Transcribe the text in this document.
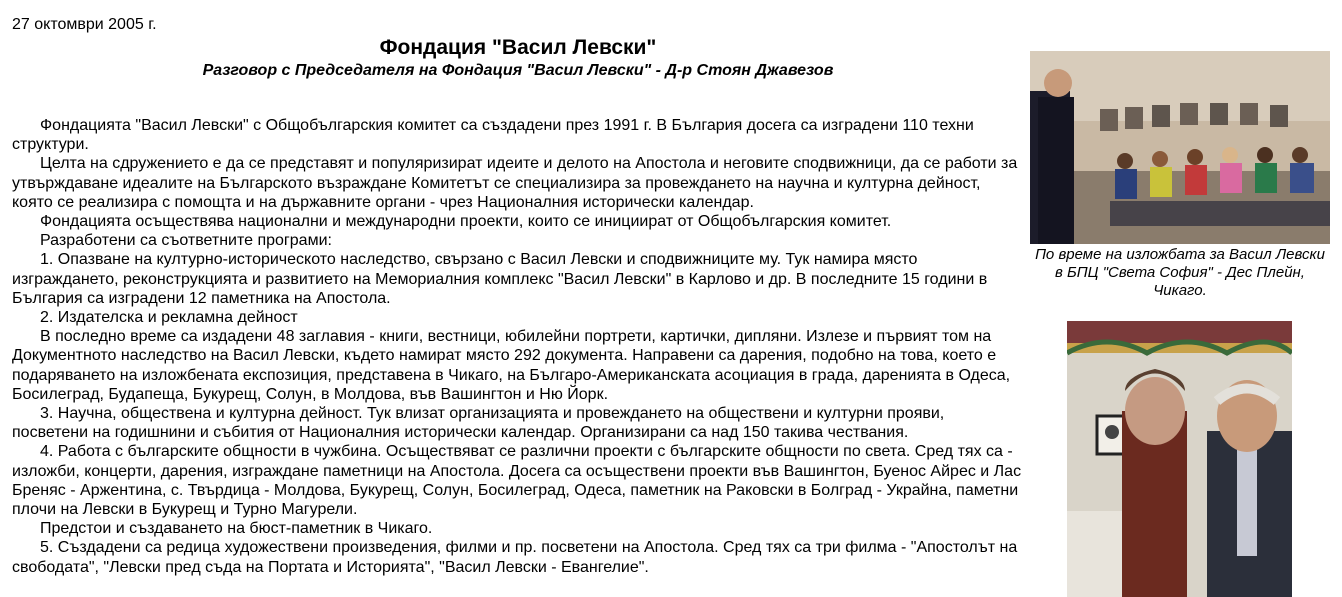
27 октомври 2005 г.
Фондация "Васил Левски"
Разговор с Председателя на Фондация "Васил Левски" - Д-р Стоян Джавезов

Фондацията "Васил Левски" с Общобългарския комитет са създадени през 1991 г. В България досега са изградени 110 техни структури.

Целта на сдружението е да се представят и популяризират идеите и делото на Апостола и неговите сподвижници, да се работи за утвърждаване идеалите на Българското възраждане Комитетът се специализира за провеждането на научна и културна дейност, която се реализира с помощта и на държавните органи - чрез Националния исторически календар.

Фондацията осъществява национални и международни проекти, които се инициират от Общобългарския комитет.

Разработени са съответните програми:

1. Опазване на културно-историческото наследство, свързано с Васил Левски и сподвижниците му. Тук намира място изграждането, реконструкцията и развитието на Мемориалния комплекс "Васил Левски" в Карлово и др. В последните 15 години в България са изградени 12 паметника на Апостола.

2. Издателска и рекламна дейност

В последно време са издадени 48 заглавия - книги, вестници, юбилейни портрети, картички, дипляни. Излезе и първият том на Документното наследство на Васил Левски, където намират място 292 документа. Направени са дарения, подобно на това, което е подаряването на изложбената експозиция, представена в Чикаго, на Българо-Американската асоциация в града, даренията в Одеса, Босилеград, Будапеща, Букурещ, Солун, в Молдова, във Вашингтон и Ню Йорк.

3. Научна, обществена и културна дейност. Тук влизат организацията и провеждането на обществени и културни прояви, посветени на годишнини и събития от Националния исторически календар. Организирани са над 150 такива чествания.

4. Работа с българските общности в чужбина. Осъществяват се различни проекти с българските общности по света. Сред тях са - изложби, концерти, дарения, изграждане паметници на Апостола. Досега са осъществени проекти във Вашингтон, Буенос Айрес и Лас Бреняс - Аржентина, с. Твърдица - Молдова, Букурещ, Солун, Босилеград, Одеса, паметник на Раковски в Болград - Украйна, паметни плочи на Левски в Букурещ и Турно Магурели.

Предстои и създаването на бюст-паметник в Чикаго.

5. Създадени са редица художествени произведения, филми и пр. посветени на Апостола. Сред тях са три филма - "Апостолът на свободата", "Левски пред съда на Портата и Историята", "Васил Левски - Евангелие".

По време на изложбата за Васил Левски в БПЦ "Света София" - Дес Плейн, Чикаго.
